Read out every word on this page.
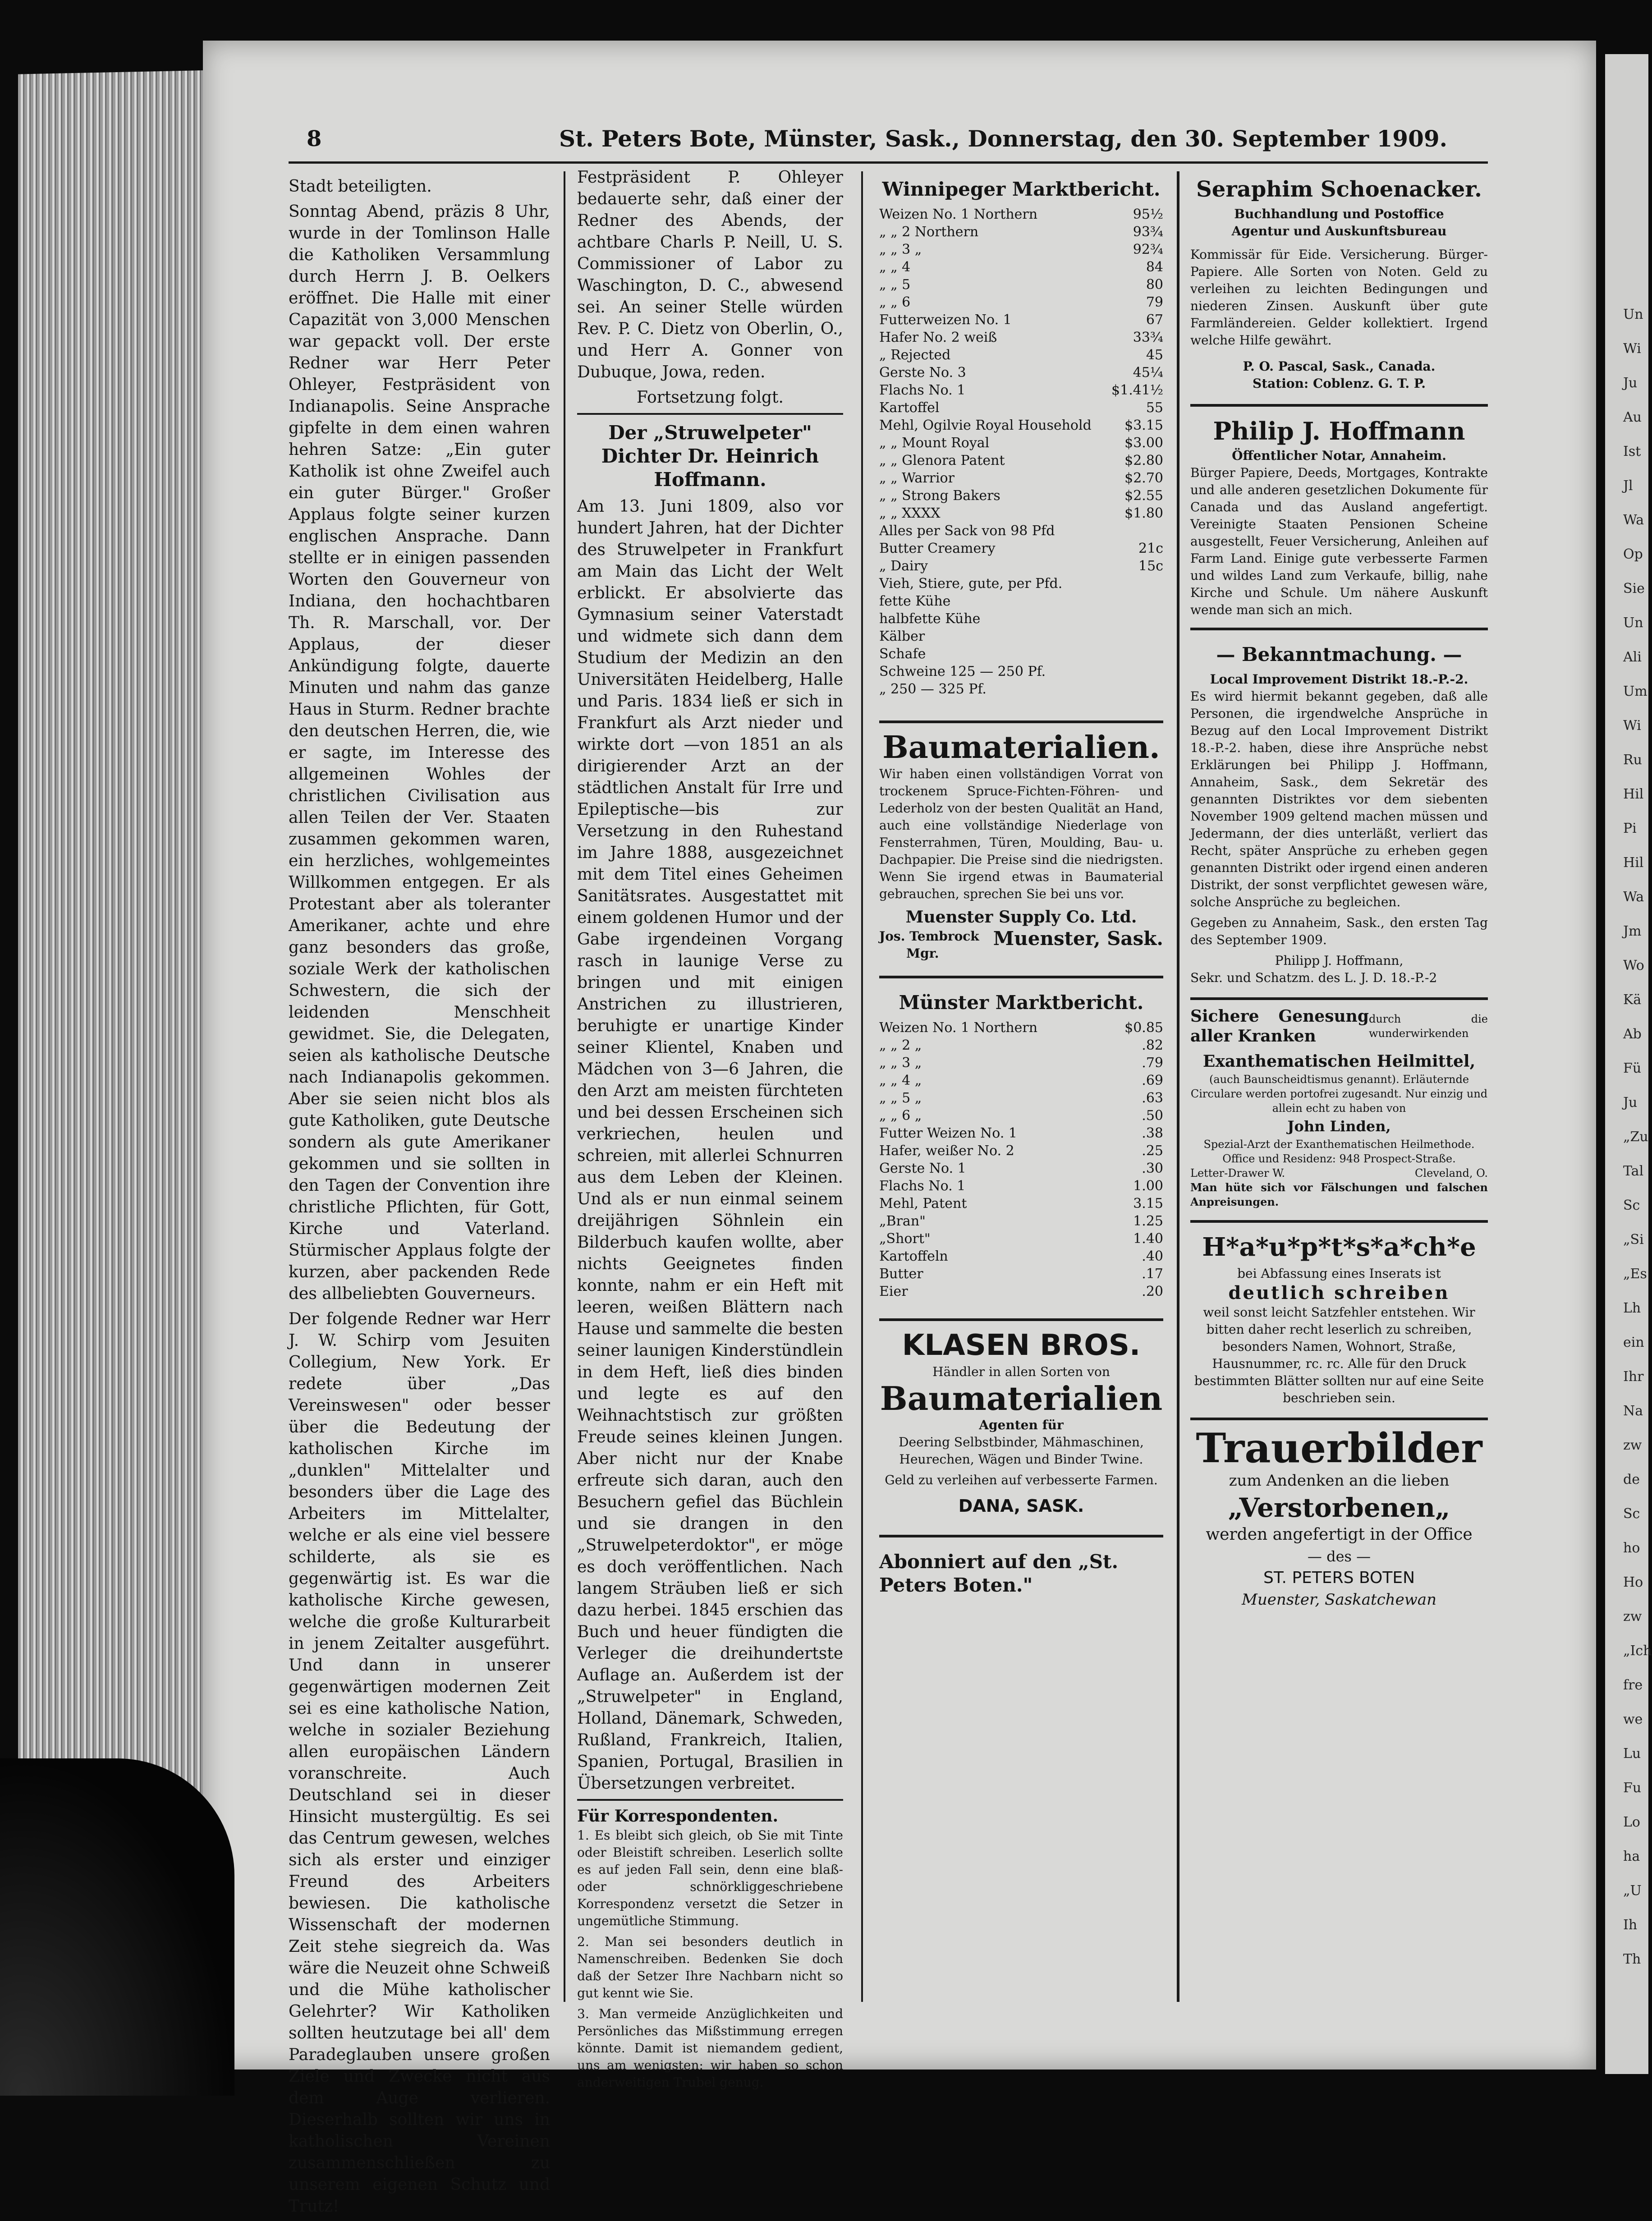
8	St. Peters Bote, Münster, Sask., Donnerstag, den 30. September 1909.

Stadt beteiligten.

Sonntag Abend, präzis 8 Uhr, wurde in der Tomlinson Halle die Katholiken Versammlung durch Herrn J. B. Oelkers eröffnet. Die Halle mit einer Capazität von 3,000 Menschen war gepackt voll. Der erste Redner war Herr Peter Ohleyer, Festpräsident von Indianapolis. Seine Ansprache gipfelte in dem einen wahren hehren Satze: „Ein guter Katholik ist ohne Zweifel auch ein guter Bürger." Großer Applaus folgte seiner kurzen englischen Ansprache. Dann stellte er in einigen passenden Worten den Gouverneur von Indiana, den hochachtbaren Th. R. Marschall, vor. Der Applaus, der dieser Ankündigung folgte, dauerte Minuten und nahm das ganze Haus in Sturm. Redner brachte den deutschen Herren, die, wie er sagte, im Interesse des allgemeinen Wohles der christlichen Civilisation aus allen Teilen der Ver. Staaten zusammen gekommen waren, ein herzliches, wohlgemeintes Willkommen entgegen. Er als Protestant aber als toleranter Amerikaner, achte und ehre ganz besonders das große, soziale Werk der katholischen Schwestern, die sich der leidenden Menschheit gewidmet. Sie, die Delegaten, seien als katholische Deutsche nach Indianapolis gekommen. Aber sie seien nicht blos als gute Katholiken, gute Deutsche sondern als gute Amerikaner gekommen und sie sollten in den Tagen der Convention ihre christliche Pflichten, für Gott, Kirche und Vaterland. Stürmischer Applaus folgte der kurzen, aber packenden Rede des allbeliebten Gouverneurs.

Der folgende Redner war Herr J. W. Schirp vom Jesuiten Collegium, New York. Er redete über „Das Vereinswesen" oder besser über die Bedeutung der katholischen Kirche im „dunklen" Mittelalter und besonders über die Lage des Arbeiters im Mittelalter, welche er als eine viel bessere schilderte, als sie es gegenwärtig ist. Es war die katholische Kirche gewesen, welche die große Kulturarbeit in jenem Zeitalter ausgeführt. Und dann in unserer gegenwärtigen modernen Zeit sei es eine katholische Nation, welche in sozialer Beziehung allen europäischen Ländern voranschreite. Auch Deutschland sei in dieser Hinsicht mustergültig. Es sei das Centrum gewesen, welches sich als erster und einziger Freund des Arbeiters bewiesen. Die katholische Wissenschaft der modernen Zeit stehe siegreich da. Was wäre die Neuzeit ohne Schweiß und die Mühe katholischer Gelehrter? Wir Katholiken sollten heutzutage bei all' dem Paradeglauben unsere großen Ziele und Zwecke nicht aus dem Auge verlieren. Dieserhalb sollten wir uns in katholischen Vereinen zusammenschließen zu unserem eigenen Schutz und Trutz!

Festpräsident P. Ohleyer bedauerte sehr, daß einer der Redner des Abends, der achtbare Charls P. Neill, U. S. Commissioner of Labor zu Waschington, D. C., abwesend sei. An seiner Stelle würden Rev. P. C. Dietz von Oberlin, O., und Herr A. Gonner von Dubuque, Jowa, reden.

Fortsetzung folgt.

Der „Struwelpeter" Dichter Dr. Heinrich Hoffmann.

Am 13. Juni 1809, also vor hundert Jahren, hat der Dichter des Struwelpeter in Frankfurt am Main das Licht der Welt erblickt. Er absolvierte das Gymnasium seiner Vaterstadt und widmete sich dann dem Studium der Medizin an den Universitäten Heidelberg, Halle und Paris. 1834 ließ er sich in Frankfurt als Arzt nieder und wirkte dort —von 1851 an als dirigierender Arzt an der städtlichen Anstalt für Irre und Epileptische—bis zur Versetzung in den Ruhestand im Jahre 1888, ausgezeichnet mit dem Titel eines Geheimen Sanitätsrates. Ausgestattet mit einem goldenen Humor und der Gabe irgendeinen Vorgang rasch in launige Verse zu bringen und mit einigen Anstrichen zu illustrieren, beruhigte er unartige Kinder seiner Klientel, Knaben und Mädchen von 3—6 Jahren, die den Arzt am meisten fürchteten und bei dessen Erscheinen sich verkriechen, heulen und schreien, mit allerlei Schnurren aus dem Leben der Kleinen. Und als er nun einmal seinem dreijährigen Söhnlein ein Bilderbuch kaufen wollte, aber nichts Geeignetes finden konnte, nahm er ein Heft mit leeren, weißen Blättern nach Hause und sammelte die besten seiner launigen Kinderstündlein in dem Heft, ließ dies binden und legte es auf den Weihnachtstisch zur größten Freude seines kleinen Jungen. Aber nicht nur der Knabe erfreute sich daran, auch den Besuchern gefiel das Büchlein und sie drangen in den „Struwelpeterdoktor", er möge es doch veröffentlichen. Nach langem Sträuben ließ er sich dazu herbei. 1845 erschien das Buch und heuer fündigten die Verleger die dreihundertste Auflage an. Außerdem ist der „Struwelpeter" in England, Holland, Dänemark, Schweden, Rußland, Frankreich, Italien, Spanien, Portugal, Brasilien in Übersetzungen verbreitet.

Für Korrespondenten.

1. Es bleibt sich gleich, ob Sie mit Tinte oder Bleistift schreiben. Leserlich sollte es auf jeden Fall sein, denn eine blaß- oder schnörkliggeschriebene Korrespondenz versetzt die Setzer in ungemütliche Stimmung.

2. Man sei besonders deutlich in Namenschreiben. Bedenken Sie doch daß der Setzer Ihre Nachbarn nicht so gut kennt wie Sie.

3. Man vermeide Anzüglichkeiten und Persönliches das Mißstimmung erregen könnte. Damit ist niemandem gedient, uns am wenigsten: wir haben so schon anderweitigen Trubel genug.

Winnipeger Marktbericht.
Weizen No. 1 Northern	95½
„ „ 2 Northern	93¾
„ „ 3 „	92¾
„ „ 4	84
„ „ 5	80
„ „ 6	79
Futterweizen No. 1	67
Hafer No. 2 weiß	33¾
„ Rejected	45
Gerste No. 3	45¼
Flachs No. 1	$1.41½
Kartoffel	55
Mehl, Ogilvie Royal Household $3.15
„ „ Mount Royal	$3.00
„ „ Glenora Patent	$2.80
„ „ Warrior	$2.70
„ „ Strong Bakers	$2.55
„ „ XXXX	$1.80
Alles per Sack von 98 Pfd
Butter Creamery	21c
„ Dairy	15c
Vieh, Stiere, gute, per Pfd.
fette Kühe
halbfette Kühe
Kälber
Schafe
Schweine 125 — 250 Pf.
„ 250 — 325 Pf.
Baumaterialien.

Wir haben einen vollständigen Vorrat von trockenem Spruce-Fichten-Föhren- und Lederholz von der besten Qualität an Hand, auch eine vollständige Niederlage von Fensterrahmen, Türen, Moulding, Bau- u. Dachpapier. Die Preise sind die niedrigsten. Wenn Sie irgend etwas in Baumaterial gebrauchen, sprechen Sie bei uns vor.

Muenster Supply Co. Ltd.
Jos. Tembrock
Mgr.
Muenster, Sask.
Münster Marktbericht.
Weizen No. 1 Northern	$0.85
„ „ 2 „	.82
„ „ 3 „	.79
„ „ 4 „	.69
„ „ 5 „	.63
„ „ 6 „	.50
Futter Weizen No. 1	.38
Hafer, weißer No. 2	.25
Gerste No. 1	.30
Flachs No. 1	1.00
Mehl, Patent	3.15
„Bran"	1.25
„Short"	1.40
Kartoffeln	.40
Butter	.17
Eier	.20
KLASEN BROS.
Händler in allen Sorten von
Baumaterialien
Agenten für

Deering Selbstbinder, Mähmaschinen, Heurechen, Wägen und Binder Twine.

Geld zu verleihen auf verbesserte Farmen.
DANA, SASK.
Abonniert auf den „St. Peters Boten."
Seraphim Schoenacker.
Buchhandlung und Postoffice
Agentur und Auskunftsbureau

Kommissär für Eide. Versicherung. Bürger-Papiere. Alle Sorten von Noten. Geld zu verleihen zu leichten Bedingungen und niederen Zinsen. Auskunft über gute Farmländereien. Gelder kollektiert. Irgend welche Hilfe gewährt.

P. O. Pascal, Sask., Canada.
Station: Coblenz. G. T. P.
Philip J. Hoffmann
Öffentlicher Notar, Annaheim.

Bürger Papiere, Deeds, Mortgages, Kontrakte und alle anderen gesetzlichen Dokumente für Canada und das Ausland angefertigt. Vereinigte Staaten Pensionen Scheine ausgestellt, Feuer Versicherung, Anleihen auf Farm Land. Einige gute verbesserte Farmen und wildes Land zum Verkaufe, billig, nahe Kirche und Schule. Um nähere Auskunft wende man sich an mich.

— Bekanntmachung. —
Local Improvement Distrikt 18.-P.-2.

Es wird hiermit bekannt gegeben, daß alle Personen, die irgendwelche Ansprüche in Bezug auf den Local Improvement Distrikt 18.-P.-2. haben, diese ihre Ansprüche nebst Erklärungen bei Philipp J. Hoffmann, Annaheim, Sask., dem Sekretär des genannten Distriktes vor dem siebenten November 1909 geltend machen müssen und Jedermann, der dies unterläßt, verliert das Recht, später Ansprüche zu erheben gegen genannten Distrikt oder irgend einen anderen Distrikt, der sonst verpflichtet gewesen wäre, solche Ansprüche zu begleichen.

Gegeben zu Annaheim, Sask., den ersten Tag des September 1909.

Philipp J. Hoffmann,
Sekr. und Schatzm. des L. J. D. 18.-P.-2
Sichere Genesung aller Kranken
durch die wunderwirkenden
Exanthematischen Heilmittel,
(auch Baunscheidtismus genannt). Erläuternde Circulare werden portofrei zugesandt. Nur einzig und allein echt zu haben von
John Linden,
Spezial-Arzt der Exanthematischen Heilmethode. Office und Residenz: 948 Prospect-Straße.
Letter-Drawer W.	Cleveland, O.
Man hüte sich vor Fälschungen und falschen Anpreisungen.
H*a*u*p*t*s*a*ch*e
bei Abfassung eines Inserats ist
deutlich schreiben

weil sonst leicht Satzfehler entstehen. Wir bitten daher recht leserlich zu schreiben, besonders Namen, Wohnort, Straße, Hausnummer, rc. rc. Alle für den Druck bestimmten Blätter sollten nur auf eine Seite beschrieben sein.

Trauerbilder
zum Andenken an die lieben
„Verstorbenen„
werden angefertigt in der Office
— des —
ST. PETERS BOTEN
Muenster, Saskatchewan
Un
Wi
Ju
Au
Ist
Jl
Wa
Op
Sie
Un
Ali
Um
Wi
Ru
Hil
Pi
Hil
Wa
Jm
Wo
Kä
Ab
Fü
Ju
„Zu
Tal
Sc
„Si
„Es
Lh
ein
Ihr
Na
zw
de
Sc
ho
Ho
zw
„Ich
fre
we
Lu
Fu
Lo
ha
„U
Ih
Th
